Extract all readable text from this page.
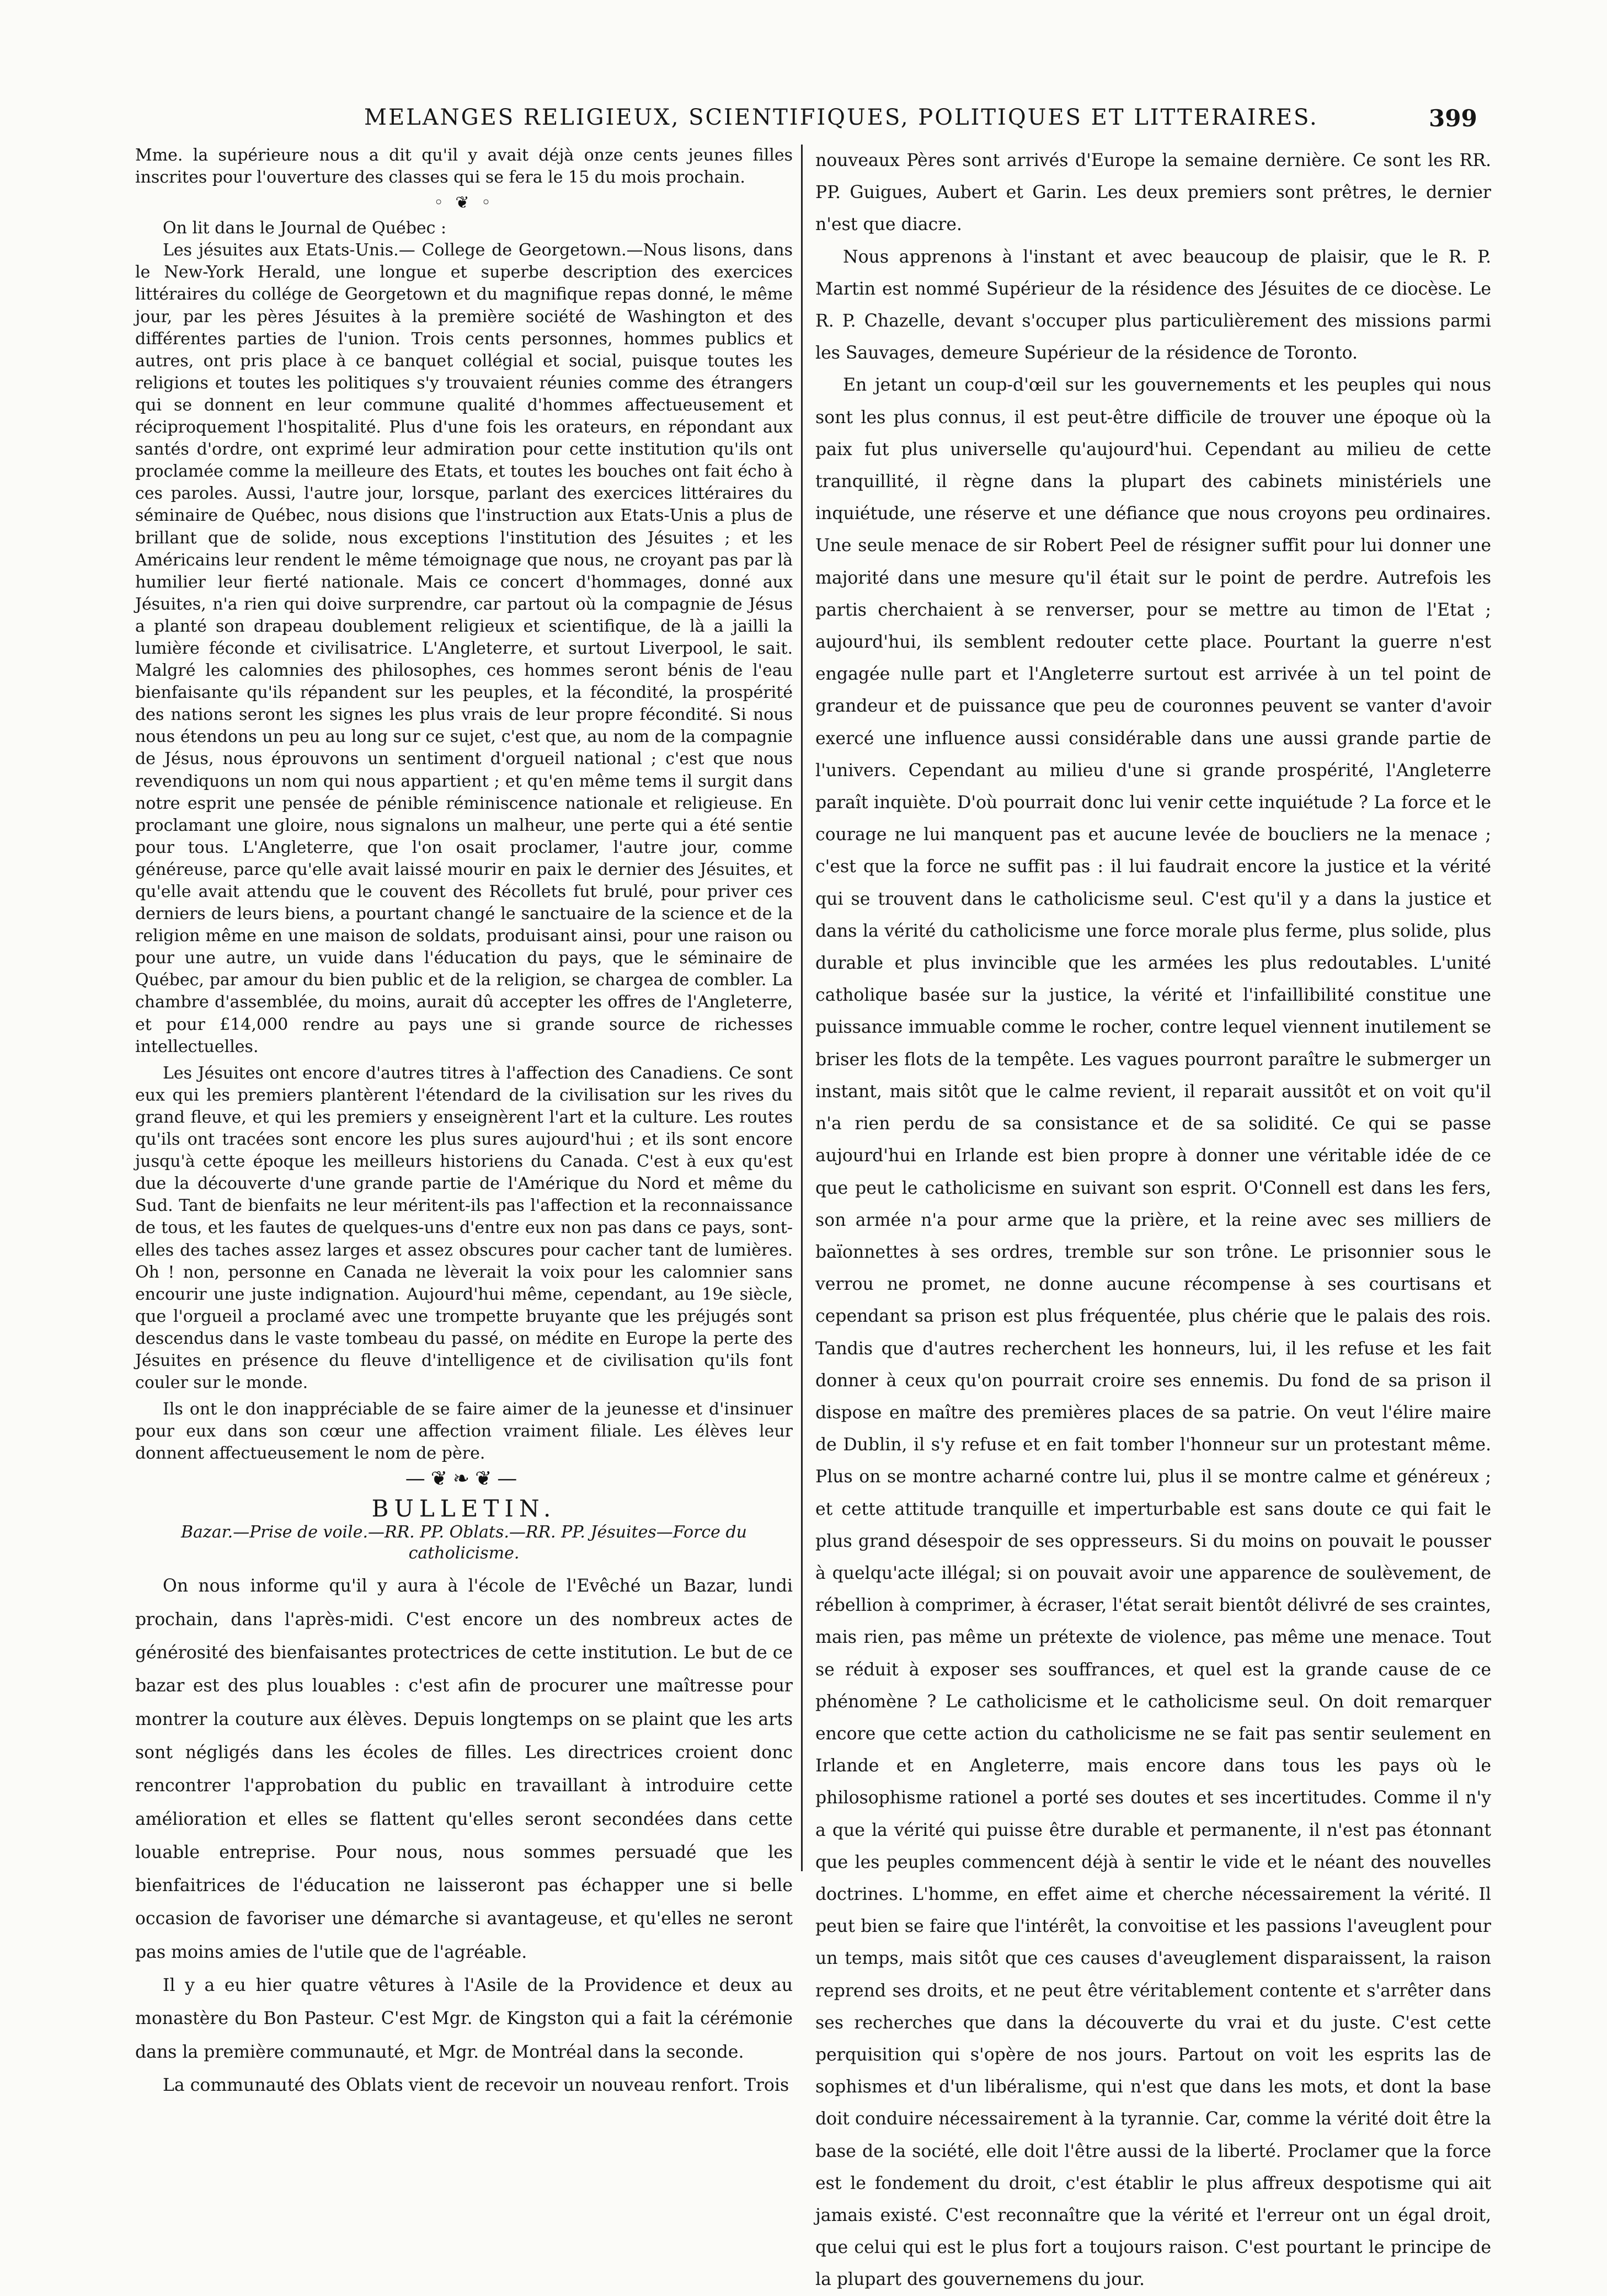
MELANGES RELIGIEUX, SCIENTIFIQUES, POLITIQUES ET LITTERAIRES.	399

Mme. la supérieure nous a dit qu'il y avait déjà onze cents jeunes filles inscrites pour l'ouverture des classes qui se fera le 15 du mois prochain.

◦ ❦ ◦

On lit dans le Journal de Québec :

Les jésuites aux Etats-Unis.— College de Georgetown.—Nous lisons, dans le New-York Herald, une longue et superbe description des exercices littéraires du collége de Georgetown et du magnifique repas donné, le même jour, par les pères Jésuites à la première société de Washington et des différentes parties de l'union. Trois cents personnes, hommes publics et autres, ont pris place à ce banquet collégial et social, puisque toutes les religions et toutes les politiques s'y trouvaient réunies comme des étrangers qui se donnent en leur commune qualité d'hommes affectueusement et réciproquement l'hospitalité. Plus d'une fois les orateurs, en répondant aux santés d'ordre, ont exprimé leur admiration pour cette institution qu'ils ont proclamée comme la meilleure des Etats, et toutes les bouches ont fait écho à ces paroles. Aussi, l'autre jour, lorsque, parlant des exercices littéraires du séminaire de Québec, nous disions que l'instruction aux Etats-Unis a plus de brillant que de solide, nous exceptions l'institution des Jésuites ; et les Américains leur rendent le même témoignage que nous, ne croyant pas par là humilier leur fierté nationale. Mais ce concert d'hommages, donné aux Jésuites, n'a rien qui doive surprendre, car partout où la compagnie de Jésus a planté son drapeau doublement religieux et scientifique, de là a jailli la lumière féconde et civilisatrice. L'Angleterre, et surtout Liverpool, le sait. Malgré les calomnies des philosophes, ces hommes seront bénis de l'eau bienfaisante qu'ils répandent sur les peuples, et la fécondité, la prospérité des nations seront les signes les plus vrais de leur propre fécondité. Si nous nous étendons un peu au long sur ce sujet, c'est que, au nom de la compagnie de Jésus, nous éprouvons un sentiment d'orgueil national ; c'est que nous revendiquons un nom qui nous appartient ; et qu'en même tems il surgit dans notre esprit une pensée de pénible réminiscence nationale et religieuse. En proclamant une gloire, nous signalons un malheur, une perte qui a été sentie pour tous. L'Angleterre, que l'on osait proclamer, l'autre jour, comme généreuse, parce qu'elle avait laissé mourir en paix le dernier des Jésuites, et qu'elle avait attendu que le couvent des Récollets fut brulé, pour priver ces derniers de leurs biens, a pourtant changé le sanctuaire de la science et de la religion même en une maison de soldats, produisant ainsi, pour une raison ou pour une autre, un vuide dans l'éducation du pays, que le séminaire de Québec, par amour du bien public et de la religion, se chargea de combler. La chambre d'assemblée, du moins, aurait dû accepter les offres de l'Angleterre, et pour £14,000 rendre au pays une si grande source de richesses intellectuelles.

Les Jésuites ont encore d'autres titres à l'affection des Canadiens. Ce sont eux qui les premiers plantèrent l'étendard de la civilisation sur les rives du grand fleuve, et qui les premiers y enseignèrent l'art et la culture. Les routes qu'ils ont tracées sont encore les plus sures aujourd'hui ; et ils sont encore jusqu'à cette époque les meilleurs historiens du Canada. C'est à eux qu'est due la découverte d'une grande partie de l'Amérique du Nord et même du Sud. Tant de bienfaits ne leur méritent-ils pas l'affection et la reconnaissance de tous, et les fautes de quelques-uns d'entre eux non pas dans ce pays, sont-elles des taches assez larges et assez obscures pour cacher tant de lumières. Oh ! non, personne en Canada ne lèverait la voix pour les calomnier sans encourir une juste indignation. Aujourd'hui même, cependant, au 19e siècle, que l'orgueil a proclamé avec une trompette bruyante que les préjugés sont descendus dans le vaste tombeau du passé, on médite en Europe la perte des Jésuites en présence du fleuve d'intelligence et de civilisation qu'ils font couler sur le monde.

Ils ont le don inappréciable de se faire aimer de la jeunesse et d'insinuer pour eux dans son cœur une affection vraiment filiale. Les élèves leur donnent affectueusement le nom de père.

—❦❧❦—
BULLETIN.
Bazar.—Prise de voile.—RR. PP. Oblats.—RR. PP. Jésuites—Force du catholicisme.

On nous informe qu'il y aura à l'école de l'Evêché un Bazar, lundi prochain, dans l'après-midi. C'est encore un des nombreux actes de générosité des bienfaisantes protectrices de cette institution. Le but de ce bazar est des plus louables : c'est afin de procurer une maîtresse pour montrer la couture aux élèves. Depuis longtemps on se plaint que les arts sont négligés dans les écoles de filles. Les directrices croient donc rencontrer l'approbation du public en travaillant à introduire cette amélioration et elles se flattent qu'elles seront secondées dans cette louable entreprise. Pour nous, nous sommes persuadé que les bienfaitrices de l'éducation ne laisseront pas échapper une si belle occasion de favoriser une démarche si avantageuse, et qu'elles ne seront pas moins amies de l'utile que de l'agréable.

Il y a eu hier quatre vêtures à l'Asile de la Providence et deux au monastère du Bon Pasteur. C'est Mgr. de Kingston qui a fait la cérémonie dans la première communauté, et Mgr. de Montréal dans la seconde.

La communauté des Oblats vient de recevoir un nouveau renfort. Trois

nouveaux Pères sont arrivés d'Europe la semaine dernière. Ce sont les RR. PP. Guigues, Aubert et Garin. Les deux premiers sont prêtres, le dernier n'est que diacre.

Nous apprenons à l'instant et avec beaucoup de plaisir, que le R. P. Martin est nommé Supérieur de la résidence des Jésuites de ce diocèse. Le R. P. Chazelle, devant s'occuper plus particulièrement des missions parmi les Sauvages, demeure Supérieur de la résidence de Toronto.

En jetant un coup-d'œil sur les gouvernements et les peuples qui nous sont les plus connus, il est peut-être difficile de trouver une époque où la paix fut plus universelle qu'aujourd'hui. Cependant au milieu de cette tranquillité, il règne dans la plupart des cabinets ministériels une inquiétude, une réserve et une défiance que nous croyons peu ordinaires. Une seule menace de sir Robert Peel de résigner suffit pour lui donner une majorité dans une mesure qu'il était sur le point de perdre. Autrefois les partis cherchaient à se renverser, pour se mettre au timon de l'Etat ; aujourd'hui, ils semblent redouter cette place. Pourtant la guerre n'est engagée nulle part et l'Angleterre surtout est arrivée à un tel point de grandeur et de puissance que peu de couronnes peuvent se vanter d'avoir exercé une influence aussi considérable dans une aussi grande partie de l'univers. Cependant au milieu d'une si grande prospérité, l'Angleterre paraît inquiète. D'où pourrait donc lui venir cette inquiétude ? La force et le courage ne lui manquent pas et aucune levée de boucliers ne la menace ; c'est que la force ne suffit pas : il lui faudrait encore la justice et la vérité qui se trouvent dans le catholicisme seul. C'est qu'il y a dans la justice et dans la vérité du catholicisme une force morale plus ferme, plus solide, plus durable et plus invincible que les armées les plus redoutables. L'unité catholique basée sur la justice, la vérité et l'infaillibilité constitue une puissance immuable comme le rocher, contre lequel viennent inutilement se briser les flots de la tempête. Les vagues pourront paraître le submerger un instant, mais sitôt que le calme revient, il reparait aussitôt et on voit qu'il n'a rien perdu de sa consistance et de sa solidité. Ce qui se passe aujourd'hui en Irlande est bien propre à donner une véritable idée de ce que peut le catholicisme en suivant son esprit. O'Connell est dans les fers, son armée n'a pour arme que la prière, et la reine avec ses milliers de baïonnettes à ses ordres, tremble sur son trône. Le prisonnier sous le verrou ne promet, ne donne aucune récompense à ses courtisans et cependant sa prison est plus fréquentée, plus chérie que le palais des rois. Tandis que d'autres recherchent les honneurs, lui, il les refuse et les fait donner à ceux qu'on pourrait croire ses ennemis. Du fond de sa prison il dispose en maître des premières places de sa patrie. On veut l'élire maire de Dublin, il s'y refuse et en fait tomber l'honneur sur un protestant même. Plus on se montre acharné contre lui, plus il se montre calme et généreux ; et cette attitude tranquille et imperturbable est sans doute ce qui fait le plus grand désespoir de ses oppresseurs. Si du moins on pouvait le pousser à quelqu'acte illégal; si on pouvait avoir une apparence de soulèvement, de rébellion à comprimer, à écraser, l'état serait bientôt délivré de ses craintes, mais rien, pas même un prétexte de violence, pas même une menace. Tout se réduit à exposer ses souffrances, et quel est la grande cause de ce phénomène ? Le catholicisme et le catholicisme seul. On doit remarquer encore que cette action du catholicisme ne se fait pas sentir seulement en Irlande et en Angleterre, mais encore dans tous les pays où le philosophisme rationel a porté ses doutes et ses incertitudes. Comme il n'y a que la vérité qui puisse être durable et permanente, il n'est pas étonnant que les peuples commencent déjà à sentir le vide et le néant des nouvelles doctrines. L'homme, en effet aime et cherche nécessairement la vérité. Il peut bien se faire que l'intérêt, la convoitise et les passions l'aveuglent pour un temps, mais sitôt que ces causes d'aveuglement disparaissent, la raison reprend ses droits, et ne peut être véritablement contente et s'arrêter dans ses recherches que dans la découverte du vrai et du juste. C'est cette perquisition qui s'opère de nos jours. Partout on voit les esprits las de sophismes et d'un libéralisme, qui n'est que dans les mots, et dont la base doit conduire nécessairement à la tyrannie. Car, comme la vérité doit être la base de la société, elle doit l'être aussi de la liberté. Proclamer que la force est le fondement du droit, c'est établir le plus affreux despotisme qui ait jamais existé. C'est reconnaître que la vérité et l'erreur ont un égal droit, que celui qui est le plus fort a toujours raison. C'est pourtant le principe de la plupart des gouvernemens du jour.
